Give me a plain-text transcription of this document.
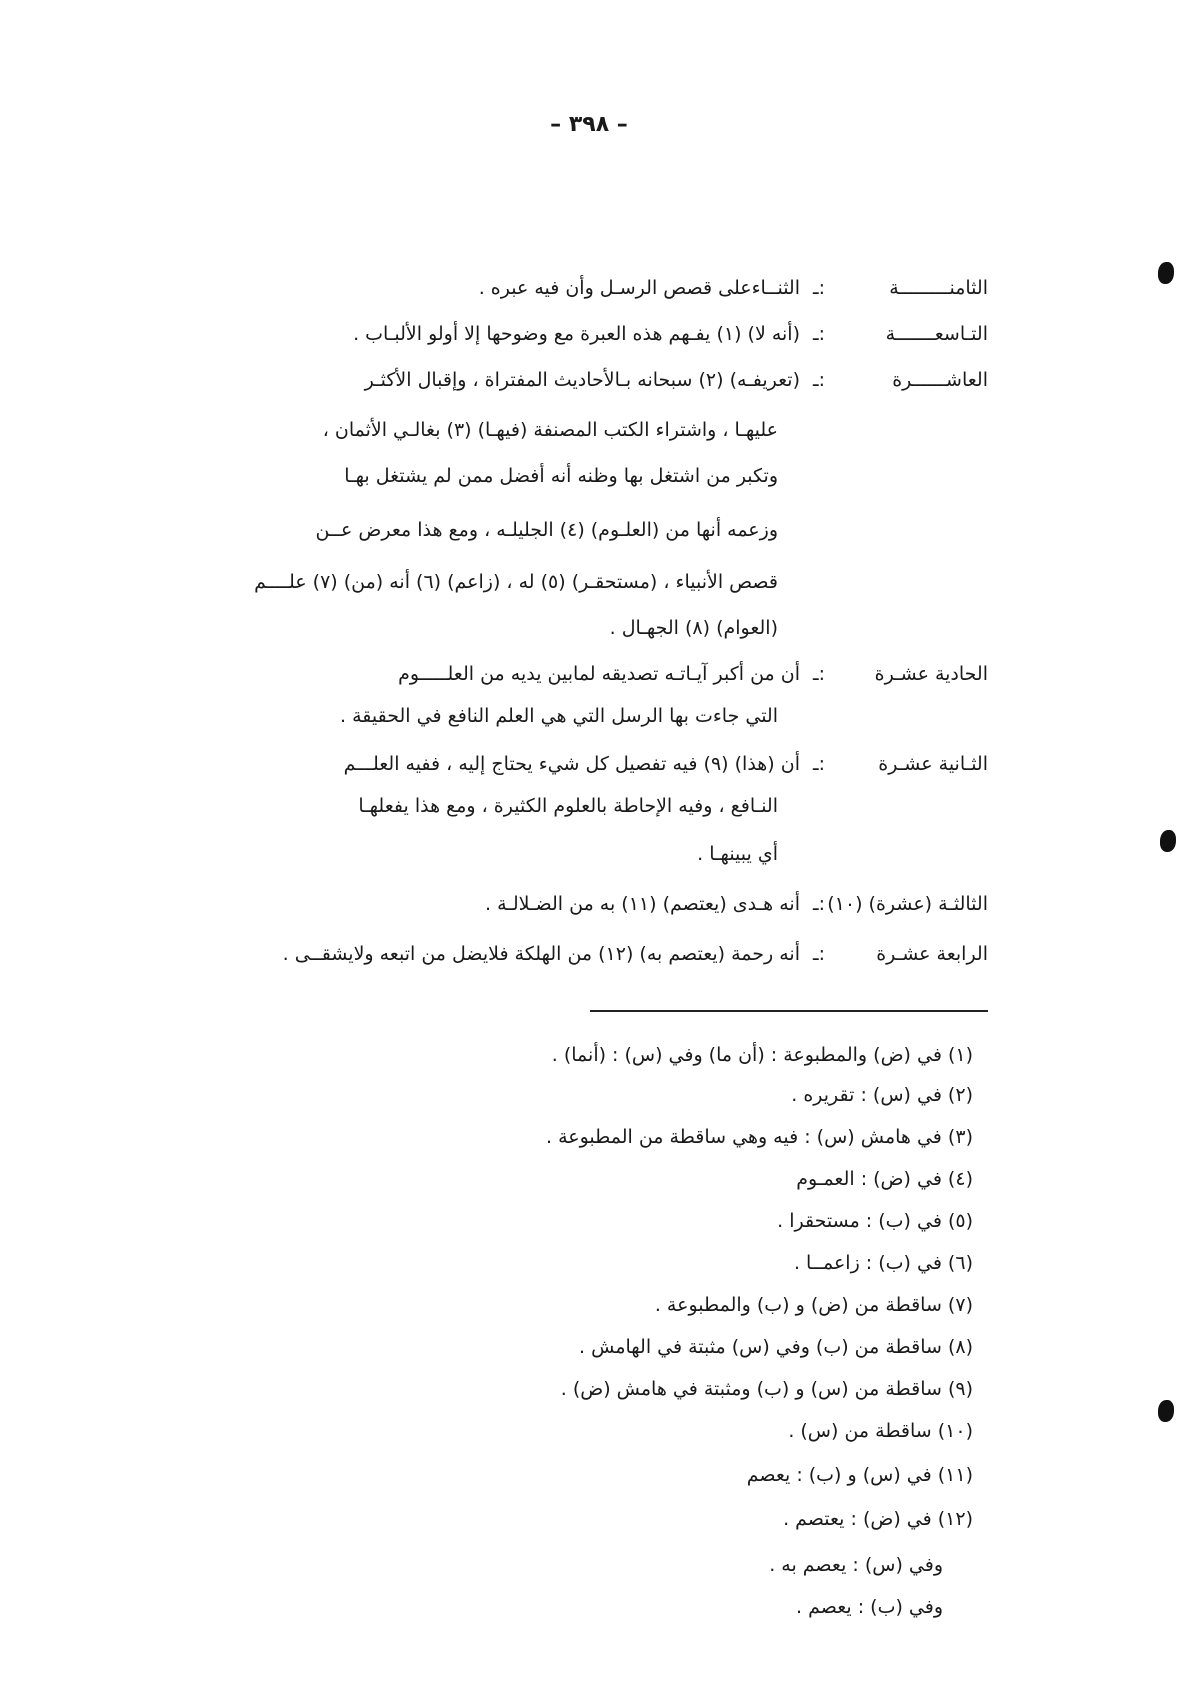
– ٣٩٨ –
الثامنـــــــــة:ـالثنــاءعلى قصص الرسـل وأن فيه عبره .
التـاسعـــــــة:ـ(أنه لا) (١) يفـهم هذه العبرة مع وضوحها إلا أولو الألبـاب .
العاشــــــرة:ـ(تعريفـه) (٢) سبحانه بـالأحاديث المفتراة ، وإقبال الأكثـر
عليهـا ، واشتراء الكتب المصنفة (فيهـا) (٣) بغالـي الأثمان ،
وتكبر من اشتغل بها وظنه أنه أفضل ممن لم يشتغل بهـا
وزعمه أنها من (العلـوم) (٤) الجليلـه ، ومع هذا معرض عــن
قصص الأنبياء ، (مستحقـر) (٥) له ، (زاعم) (٦) أنه (من) (٧) علــــم
(العوام) (٨) الجهـال .
الحادية عشـرة:ـأن من أكبر آيـاتـه تصديقه لمابين يديه من العلـــــوم
التي جاءت بها الرسل التي هي العلم النافع في الحقيقة .
الثـانية عشـرة:ـأن (هذا) (٩) فيه تفصيل كل شيء يحتاج إليه ، ففيه العلـــم
النـافع ، وفيه الإحاطة بالعلوم الكثيرة ، ومع هذا يفعلهـا
أي يبينهـا .
الثالثـة (عشرة) (١٠):ـأنه هـدى (يعتصم) (١١) به من الضـلالـة .
الرابعة عشـرة:ـأنه رحمة (يعتصم به) (١٢) من الهلكة فلايضل من اتبعه ولايشقــى .
(١) في (ض) والمطبوعة : (أن ما) وفي (س) : (أنما) .
(٢) في (س) : تقريره .
(٣) في هامش (س) : فيه وهي ساقطة من المطبوعة .
(٤) في (ض) : العمـوم
(٥) في (ب) : مستحقرا .
(٦) في (ب) : زاعمــا .
(٧) ساقطة من (ض) و (ب) والمطبوعة .
(٨) ساقطة من (ب) وفي (س) مثبتة في الهامش .
(٩) ساقطة من (س) و (ب) ومثبتة في هامش (ض) .
(١٠) ساقطة من (س) .
(١١) في (س) و (ب) : يعصم
(١٢) في (ض) : يعتصم .
وفي (س) : يعصم به .
وفي (ب) : يعصم .
